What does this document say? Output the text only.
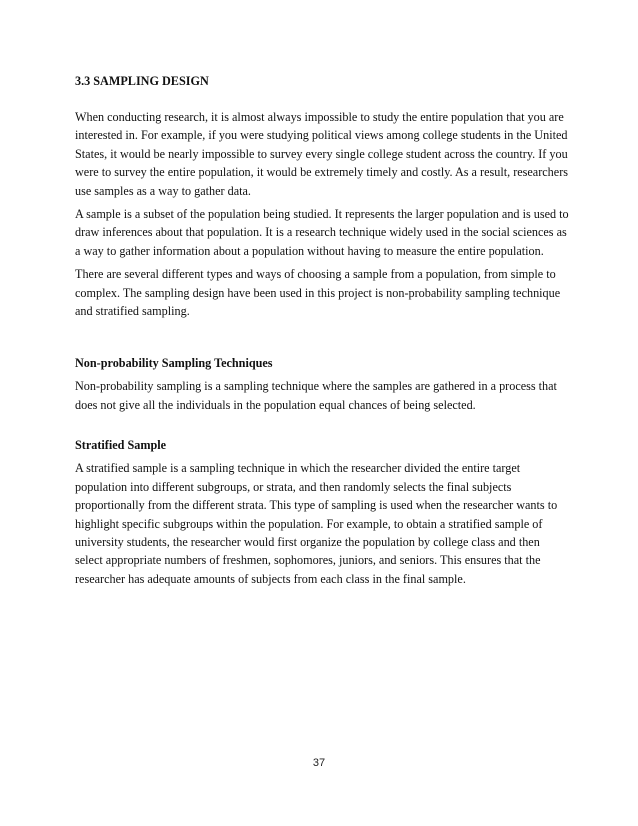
3.3 SAMPLING DESIGN

When conducting research, it is almost always impossible to study the entire population that you are interested in. For example, if you were studying political views among college students in the United States, it would be nearly impossible to survey every single college student across the country. If you were to survey the entire population, it would be extremely timely and costly. As a result, researchers use samples as a way to gather data.

A sample is a subset of the population being studied. It represents the larger population and is used to draw inferences about that population. It is a research technique widely used in the social sciences as a way to gather information about a population without having to measure the entire population.

There are several different types and ways of choosing a sample from a population, from simple to complex. The sampling design have been used in this project is non-probability sampling technique and stratified sampling.

Non-probability Sampling Techniques

Non-probability sampling is a sampling technique where the samples are gathered in a process that does not give all the individuals in the population equal chances of being selected.

Stratified Sample

A stratified sample is a sampling technique in which the researcher divided the entire target population into different subgroups, or strata, and then randomly selects the final subjects proportionally from the different strata. This type of sampling is used when the researcher wants to highlight specific subgroups within the population. For example, to obtain a stratified sample of university students, the researcher would first organize the population by college class and then select appropriate numbers of freshmen, sophomores, juniors, and seniors. This ensures that the researcher has adequate amounts of subjects from each class in the final sample.

37
